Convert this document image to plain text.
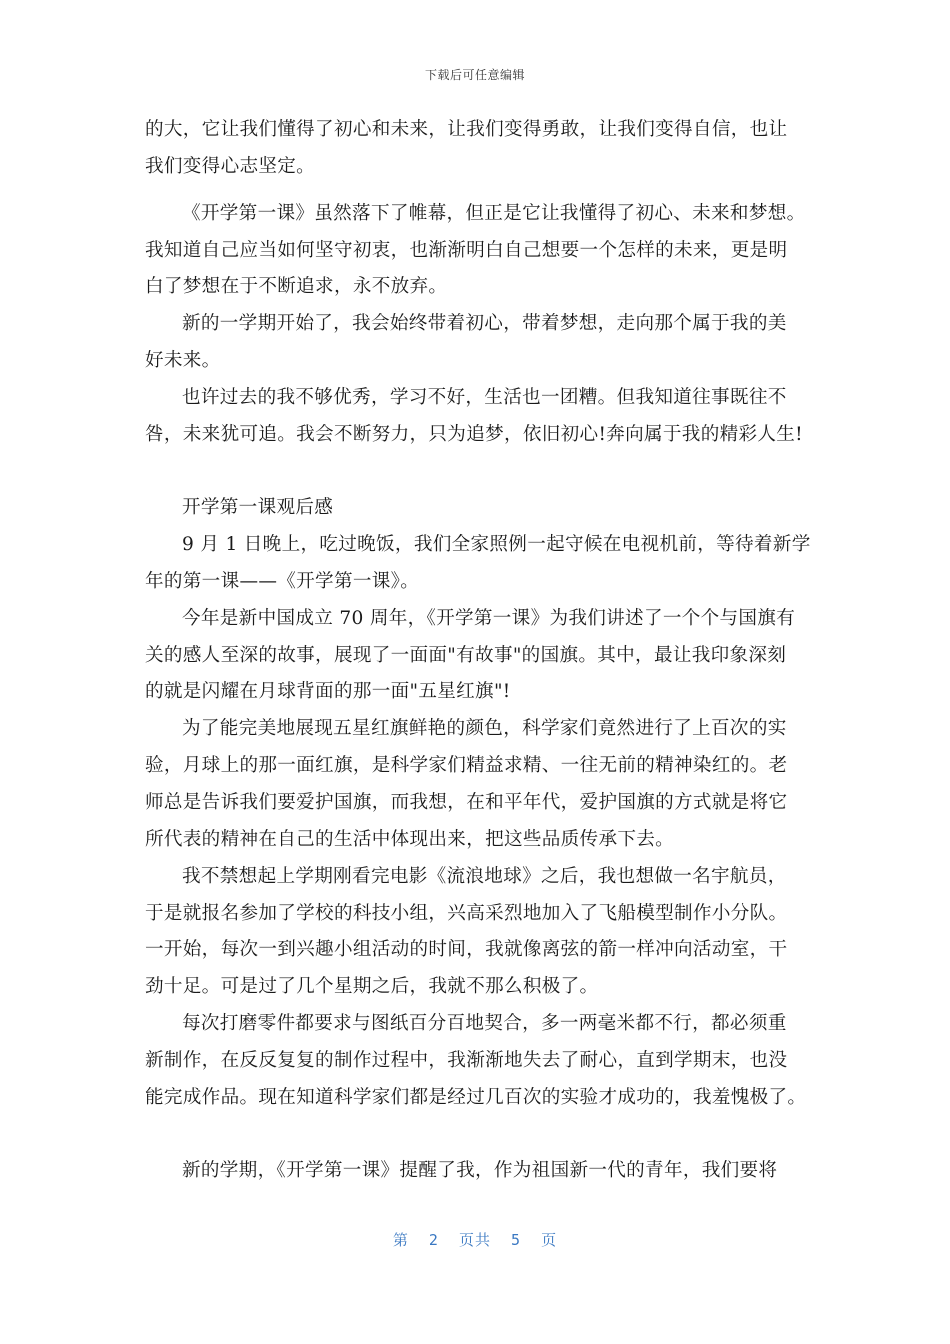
下载后可任意编辑
的大，它让我们懂得了初心和未来，让我们变得勇敢，让我们变得自信，也让
我们变得心志坚定。
《开学第一课》虽然落下了帷幕，但正是它让我懂得了初心、未来和梦想。
我知道自己应当如何坚守初衷，也渐渐明白自己想要一个怎样的未来，更是明
白了梦想在于不断追求，永不放弃。
新的一学期开始了，我会始终带着初心，带着梦想，走向那个属于我的美
好未来。
也许过去的我不够优秀，学习不好，生活也一团糟。但我知道往事既往不
咎，未来犹可追。我会不断努力，只为追梦，依旧初心!奔向属于我的精彩人生!
开学第一课观后感
9 月 1 日晚上，吃过晚饭，我们全家照例一起守候在电视机前，等待着新学
年的第一课——《开学第一课》。
今年是新中国成立 70 周年，《开学第一课》为我们讲述了一个个与国旗有
关的感人至深的故事，展现了一面面"有故事"的国旗。其中，最让我印象深刻
的就是闪耀在月球背面的那一面"五星红旗"!
为了能完美地展现五星红旗鲜艳的颜色，科学家们竟然进行了上百次的实
验，月球上的那一面红旗，是科学家们精益求精、一往无前的精神染红的。老
师总是告诉我们要爱护国旗，而我想，在和平年代，爱护国旗的方式就是将它
所代表的精神在自己的生活中体现出来，把这些品质传承下去。
我不禁想起上学期刚看完电影《流浪地球》之后，我也想做一名宇航员，
于是就报名参加了学校的科技小组，兴高采烈地加入了飞船模型制作小分队。
一开始，每次一到兴趣小组活动的时间，我就像离弦的箭一样冲向活动室，干
劲十足。可是过了几个星期之后，我就不那么积极了。
每次打磨零件都要求与图纸百分百地契合，多一两毫米都不行，都必须重
新制作，在反反复复的制作过程中，我渐渐地失去了耐心，直到学期末，也没
能完成作品。现在知道科学家们都是经过几百次的实验才成功的，我羞愧极了。
新的学期，《开学第一课》提醒了我，作为祖国新一代的青年，我们要将
第 2 页共 5 页
